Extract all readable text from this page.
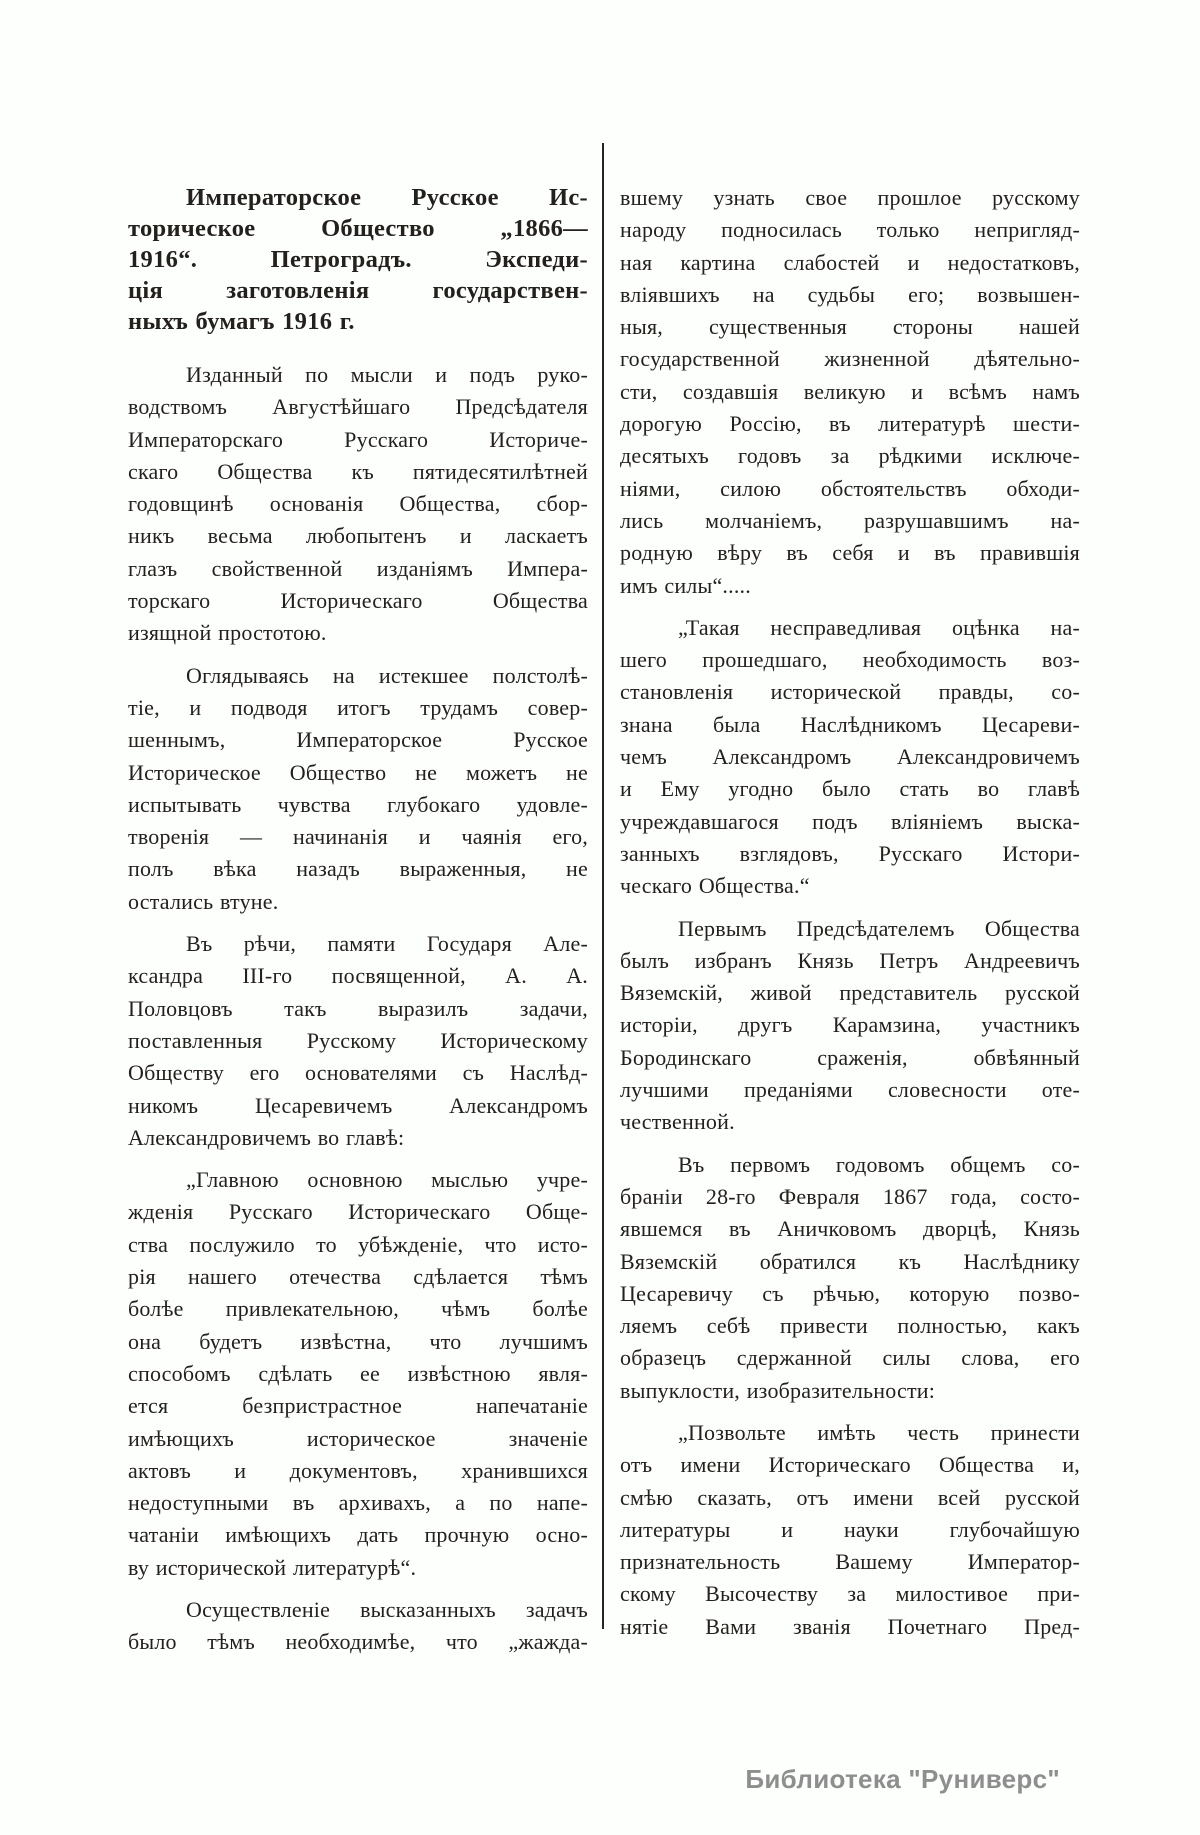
Императорское Русское Ис-
торическое Общество „1866—
1916“. Петроградъ. Экспеди-
ція заготовленія государствен-
ныхъ бумагъ 1916 г.
Изданный по мысли и подъ руко-
водствомъ Августѣйшаго Предсѣдателя
Императорскаго Русскаго Историче-
скаго Общества къ пятидесятилѣтней
годовщинѣ основанія Общества, сбор-
никъ весьма любопытенъ и ласкаетъ
глазъ свойственной изданіямъ Импера-
торскаго Историческаго Общества
изящной простотою.
Оглядываясь на истекшее полстолѣ-
тіе, и подводя итогъ трудамъ совер-
шеннымъ, Императорское Русское
Историческое Общество не можетъ не
испытывать чувства глубокаго удовле-
творенія — начинанія и чаянія его,
полъ вѣка назадъ выраженныя, не
остались втуне.
Въ рѣчи, памяти Государя Але-
ксандра III-го посвященной, А. А.
Половцовъ такъ выразилъ задачи,
поставленныя Русскому Историческому
Обществу его основателями съ Наслѣд-
никомъ Цесаревичемъ Александромъ
Александровичемъ во главѣ:
„Главною основною мыслью учре-
жденія Русскаго Историческаго Обще-
ства послужило то убѣжденіе, что исто-
рія нашего отечества сдѣлается тѣмъ
болѣе привлекательною, чѣмъ болѣе
она будетъ извѣстна, что лучшимъ
способомъ сдѣлать ее извѣстною явля-
ется безпристрастное напечатаніе
имѣющихъ историческое значеніе
актовъ и документовъ, хранившихся
недоступными въ архивахъ, а по напе-
чатаніи имѣющихъ дать прочную осно-
ву исторической литературѣ“.
Осуществленіе высказанныхъ задачъ
было тѣмъ необходимѣе, что „жажда-
вшему узнать свое прошлое русскому
народу подносилась только непригляд-
ная картина слабостей и недостатковъ,
вліявшихъ на судьбы его; возвышен-
ныя, существенныя стороны нашей
государственной жизненной дѣятельно-
сти, создавшія великую и всѣмъ намъ
дорогую Россію, въ литературѣ шести-
десятыхъ годовъ за рѣдкими исключе-
ніями, силою обстоятельствъ обходи-
лись молчаніемъ, разрушавшимъ на-
родную вѣру въ себя и въ правившія
имъ силы“.....
„Такая несправедливая оцѣнка на-
шего прошедшаго, необходимость воз-
становленія исторической правды, со-
знана была Наслѣдникомъ Цесареви-
чемъ Александромъ Александровичемъ
и Ему угодно было стать во главѣ
учреждавшагося подъ вліяніемъ выска-
занныхъ взглядовъ, Русскаго Истори-
ческаго Общества.“
Первымъ Предсѣдателемъ Общества
былъ избранъ Князь Петръ Андреевичъ
Вяземскій, живой представитель русской
исторіи, другъ Карамзина, участникъ
Бородинскаго сраженія, обвѣянный
лучшими преданіями словесности оте-
чественной.
Въ первомъ годовомъ общемъ со-
браніи 28-го Февраля 1867 года, состо-
явшемся въ Аничковомъ дворцѣ, Князь
Вяземскій обратился къ Наслѣднику
Цесаревичу съ рѣчью, которую позво-
ляемъ себѣ привести полностью, какъ
образецъ сдержанной силы слова, его
выпуклости, изобразительности:
„Позвольте имѣть честь принести
отъ имени Историческаго Общества и,
смѣю сказать, отъ имени всей русской
литературы и науки глубочайшую
признательность Вашему Император-
скому Высочеству за милостивое при-
нятіе Вами званія Почетнаго Пред-
Библиотека "Руниверс"
